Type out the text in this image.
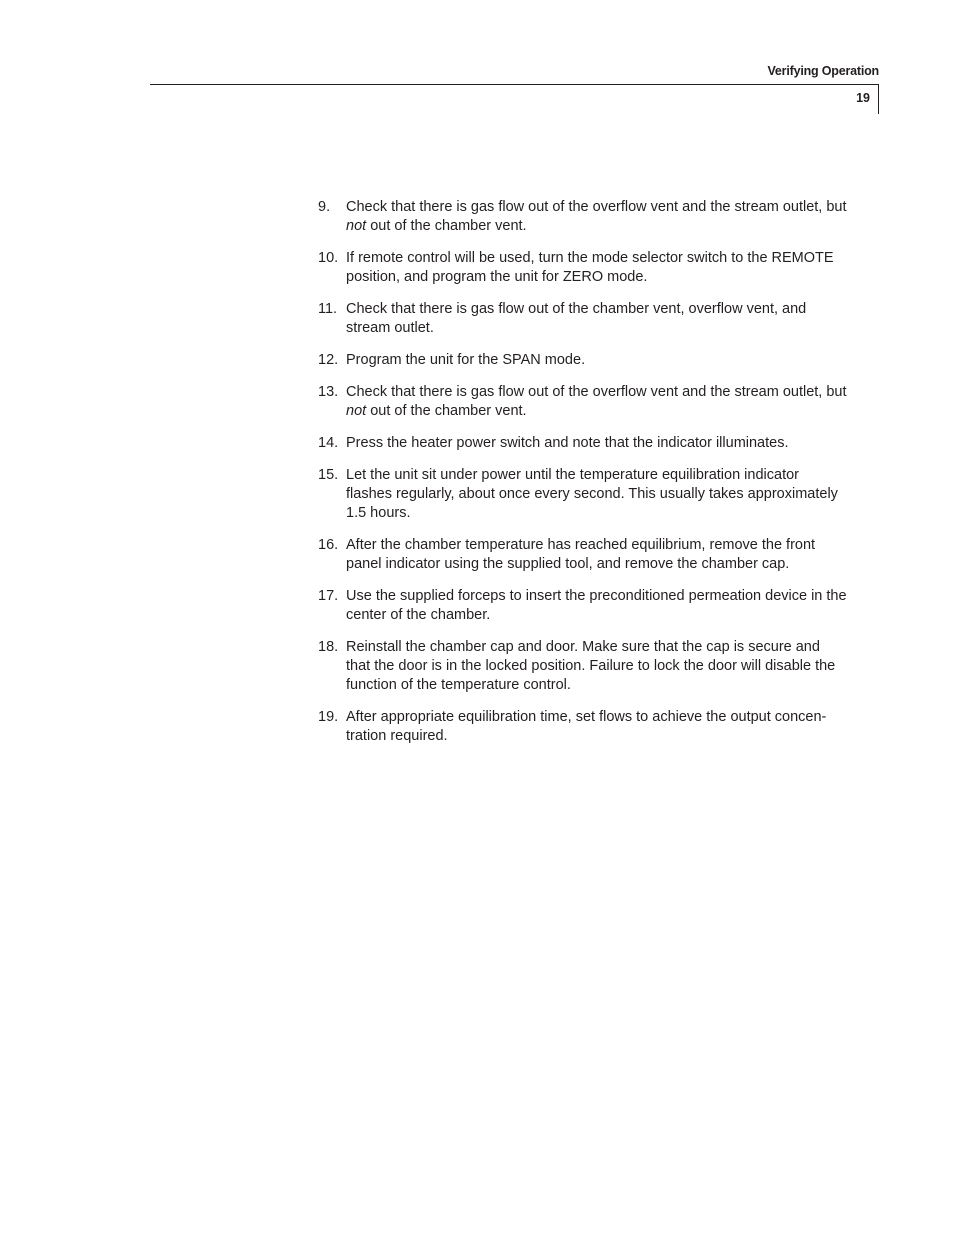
Verifying Operation
19
9. Check that there is gas flow out of the overflow vent and the stream outlet, but not out of the chamber vent.
10. If remote control will be used, turn the mode selector switch to the REMOTE position, and program the unit for ZERO mode.
11. Check that there is gas flow out of the chamber vent, overflow vent, and stream outlet.
12. Program the unit for the SPAN mode.
13. Check that there is gas flow out of the overflow vent and the stream outlet, but not out of the chamber vent.
14. Press the heater power switch and note that the indicator illuminates.
15. Let the unit sit under power until the temperature equilibration indicator flashes regularly, about once every second. This usually takes approximately 1.5 hours.
16. After the chamber temperature has reached equilibrium, remove the front panel indicator using the supplied tool, and remove the chamber cap.
17. Use the supplied forceps to insert the preconditioned permeation device in the center of the chamber.
18. Reinstall the chamber cap and door. Make sure that the cap is secure and that the door is in the locked position. Failure to lock the door will disable the function of the temperature control.
19. After appropriate equilibration time, set flows to achieve the output concen-tration required.
